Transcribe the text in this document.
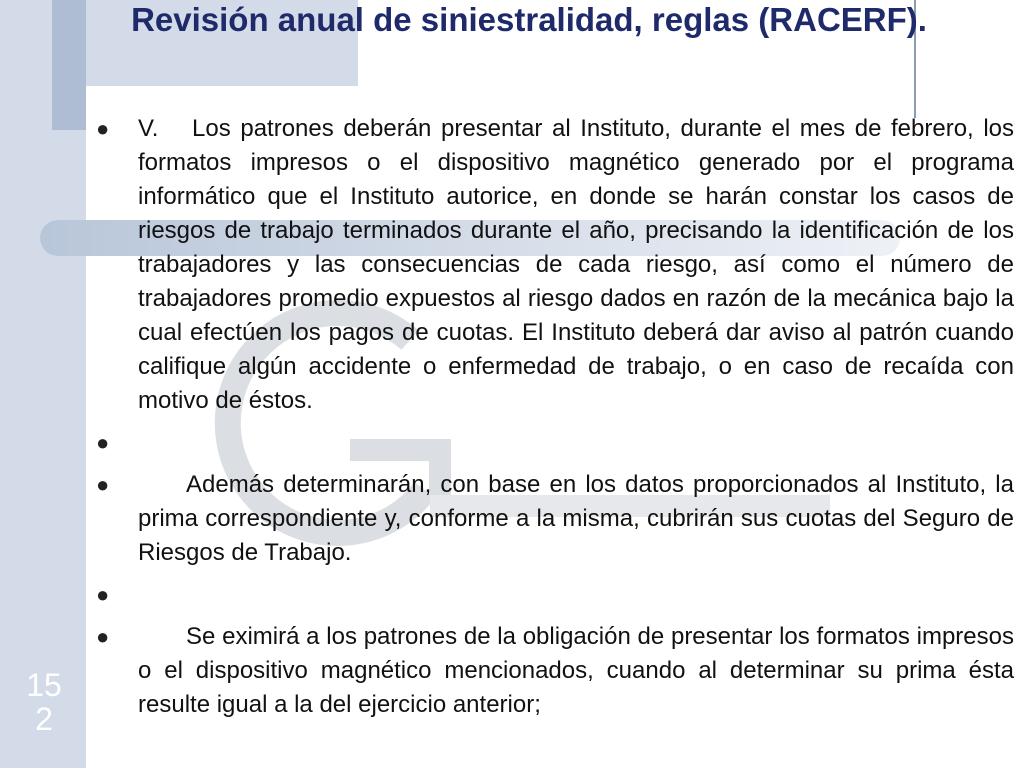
Revisión anual de siniestralidad, reglas (RACERF).
●	V.  Los patrones deberán presentar al Instituto, durante el mes de febrero, los formatos impresos o el dispositivo magnético generado por el programa informático que el Instituto autorice, en donde se harán constar los casos de riesgos de trabajo terminados durante el año, precisando la identificación de los trabajadores y las consecuencias de cada riesgo, así como el número de trabajadores promedio expuestos al riesgo dados en razón de la mecánica bajo la cual efectúen los pagos de cuotas. El Instituto deberá dar aviso al patrón cuando califique algún accidente o enfermedad de trabajo, o en caso de recaída con motivo de éstos.
●
●	  Además determinarán, con base en los datos proporcionados al Instituto, la prima correspondiente y, conforme a la misma, cubrirán sus cuotas del Seguro de Riesgos de Trabajo.
●
●	  Se eximirá a los patrones de la obligación de presentar los formatos impresos o el dispositivo magnético mencionados, cuando al determinar su prima ésta resulte igual a la del ejercicio anterior;
15
2
